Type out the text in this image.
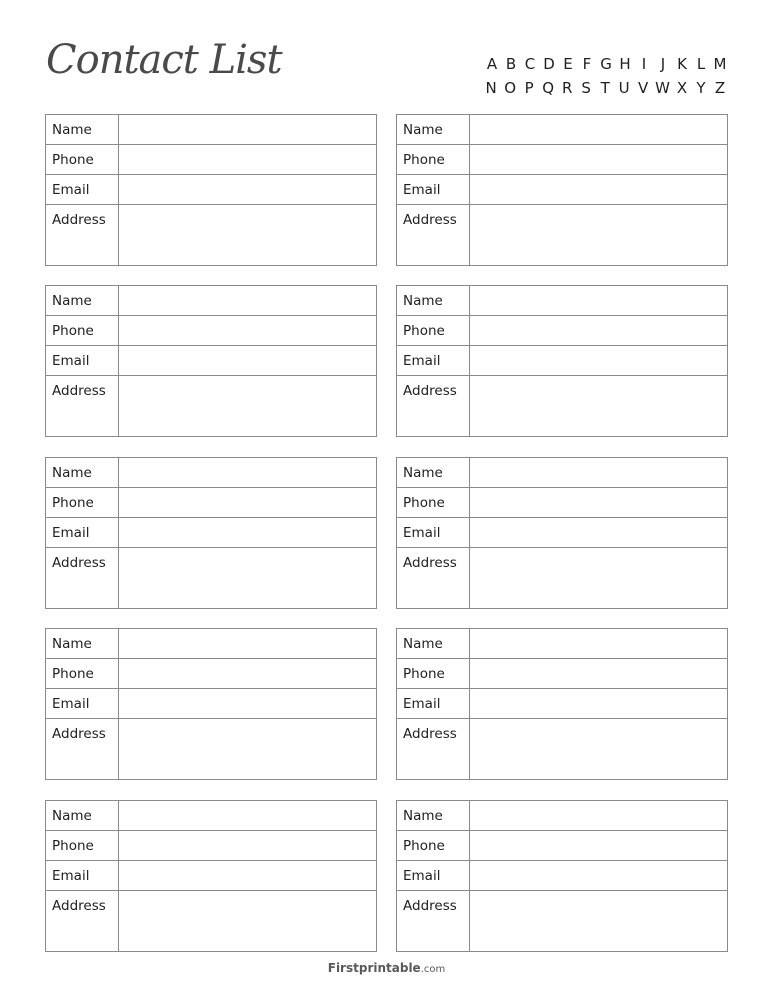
Contact List	A B C D E F G H I J K L M
N O P Q R S T U V W X Y Z
Name
Phone
Email
Address
Name
Phone
Email
Address
Name
Phone
Email
Address
Name
Phone
Email
Address
Name
Phone
Email
Address
Name
Phone
Email
Address
Name
Phone
Email
Address
Name
Phone
Email
Address
Name
Phone
Email
Address
Name
Phone
Email
Address
Firstprintable.com
